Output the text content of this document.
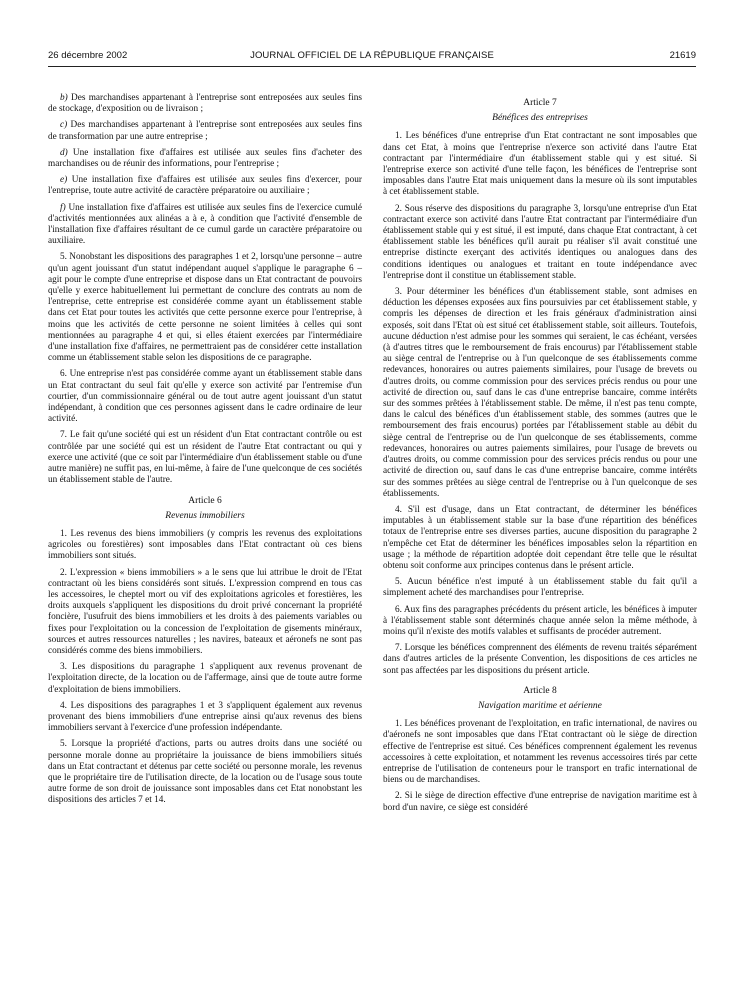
26 décembre 2002	JOURNAL OFFICIEL DE LA RÉPUBLIQUE FRANÇAISE	21619

b) Des marchandises appartenant à l'entreprise sont entreposées aux seules fins de stockage, d'exposition ou de livraison ;

c) Des marchandises appartenant à l'entreprise sont entreposées aux seules fins de transformation par une autre entreprise ;

d) Une installation fixe d'affaires est utilisée aux seules fins d'acheter des marchandises ou de réunir des informations, pour l'entreprise ;

e) Une installation fixe d'affaires est utilisée aux seules fins d'exercer, pour l'entreprise, toute autre activité de caractère préparatoire ou auxiliaire ;

f) Une installation fixe d'affaires est utilisée aux seules fins de l'exercice cumulé d'activités mentionnées aux alinéas a à e, à condition que l'activité d'ensemble de l'installation fixe d'affaires résultant de ce cumul garde un caractère préparatoire ou auxiliaire.

5. Nonobstant les dispositions des paragraphes 1 et 2, lorsqu'une personne – autre qu'un agent jouissant d'un statut indépendant auquel s'applique le paragraphe 6 – agit pour le compte d'une entreprise et dispose dans un Etat contractant de pouvoirs qu'elle y exerce habituellement lui permettant de conclure des contrats au nom de l'entreprise, cette entreprise est considérée comme ayant un établissement stable dans cet Etat pour toutes les activités que cette personne exerce pour l'entreprise, à moins que les activités de cette personne ne soient limitées à celles qui sont mentionnées au paragraphe 4 et qui, si elles étaient exercées par l'intermédiaire d'une installation fixe d'affaires, ne permettraient pas de considérer cette installation comme un établissement stable selon les dispositions de ce paragraphe.

6. Une entreprise n'est pas considérée comme ayant un établissement stable dans un Etat contractant du seul fait qu'elle y exerce son activité par l'entremise d'un courtier, d'un commissionnaire général ou de tout autre agent jouissant d'un statut indépendant, à condition que ces personnes agissent dans le cadre ordinaire de leur activité.

7. Le fait qu'une société qui est un résident d'un Etat contractant contrôle ou est contrôlée par une société qui est un résident de l'autre Etat contractant ou qui y exerce une activité (que ce soit par l'intermédiaire d'un établissement stable ou d'une autre manière) ne suffit pas, en lui-même, à faire de l'une quelconque de ces sociétés un établissement stable de l'autre.

Article 6
Revenus immobiliers

1. Les revenus des biens immobiliers (y compris les revenus des exploitations agricoles ou forestières) sont imposables dans l'Etat contractant où ces biens immobiliers sont situés.

2. L'expression « biens immobiliers » a le sens que lui attribue le droit de l'Etat contractant où les biens considérés sont situés. L'expression comprend en tous cas les accessoires, le cheptel mort ou vif des exploitations agricoles et forestières, les droits auxquels s'appliquent les dispositions du droit privé concernant la propriété foncière, l'usufruit des biens immobiliers et les droits à des paiements variables ou fixes pour l'exploitation ou la concession de l'exploitation de gisements minéraux, sources et autres ressources naturelles ; les navires, bateaux et aéronefs ne sont pas considérés comme des biens immobiliers.

3. Les dispositions du paragraphe 1 s'appliquent aux revenus provenant de l'exploitation directe, de la location ou de l'affermage, ainsi que de toute autre forme d'exploitation de biens immobiliers.

4. Les dispositions des paragraphes 1 et 3 s'appliquent également aux revenus provenant des biens immobiliers d'une entreprise ainsi qu'aux revenus des biens immobiliers servant à l'exercice d'une profession indépendante.

5. Lorsque la propriété d'actions, parts ou autres droits dans une société ou personne morale donne au propriétaire la jouissance de biens immobiliers situés dans un Etat contractant et détenus par cette société ou personne morale, les revenus que le propriétaire tire de l'utilisation directe, de la location ou de l'usage sous toute autre forme de son droit de jouissance sont imposables dans cet Etat nonobstant les dispositions des articles 7 et 14.

Article 7
Bénéfices des entreprises

1. Les bénéfices d'une entreprise d'un Etat contractant ne sont imposables que dans cet Etat, à moins que l'entreprise n'exerce son activité dans l'autre Etat contractant par l'intermédiaire d'un établissement stable qui y est situé. Si l'entreprise exerce son activité d'une telle façon, les bénéfices de l'entreprise sont imposables dans l'autre Etat mais uniquement dans la mesure où ils sont imputables à cet établissement stable.

2. Sous réserve des dispositions du paragraphe 3, lorsqu'une entreprise d'un Etat contractant exerce son activité dans l'autre Etat contractant par l'intermédiaire d'un établissement stable qui y est situé, il est imputé, dans chaque Etat contractant, à cet établissement stable les bénéfices qu'il aurait pu réaliser s'il avait constitué une entreprise distincte exerçant des activités identiques ou analogues dans des conditions identiques ou analogues et traitant en toute indépendance avec l'entreprise dont il constitue un établissement stable.

3. Pour déterminer les bénéfices d'un établissement stable, sont admises en déduction les dépenses exposées aux fins poursuivies par cet établissement stable, y compris les dépenses de direction et les frais généraux d'administration ainsi exposés, soit dans l'Etat où est situé cet établissement stable, soit ailleurs. Toutefois, aucune déduction n'est admise pour les sommes qui seraient, le cas échéant, versées (à d'autres titres que le remboursement de frais encourus) par l'établissement stable au siège central de l'entreprise ou à l'un quelconque de ses établissements comme redevances, honoraires ou autres paiements similaires, pour l'usage de brevets ou d'autres droits, ou comme commission pour des services précis rendus ou pour une activité de direction ou, sauf dans le cas d'une entreprise bancaire, comme intérêts sur des sommes prêtées à l'établissement stable. De même, il n'est pas tenu compte, dans le calcul des bénéfices d'un établissement stable, des sommes (autres que le remboursement des frais encourus) portées par l'établissement stable au débit du siège central de l'entreprise ou de l'un quelconque de ses établissements, comme redevances, honoraires ou autres paiements similaires, pour l'usage de brevets ou d'autres droits, ou comme commission pour des services précis rendus ou pour une activité de direction ou, sauf dans le cas d'une entreprise bancaire, comme intérêts sur des sommes prêtées au siège central de l'entreprise ou à l'un quelconque de ses établissements.

4. S'il est d'usage, dans un Etat contractant, de déterminer les bénéfices imputables à un établissement stable sur la base d'une répartition des bénéfices totaux de l'entreprise entre ses diverses parties, aucune disposition du paragraphe 2 n'empêche cet Etat de déterminer les bénéfices imposables selon la répartition en usage ; la méthode de répartition adoptée doit cependant être telle que le résultat obtenu soit conforme aux principes contenus dans le présent article.

5. Aucun bénéfice n'est imputé à un établissement stable du fait qu'il a simplement acheté des marchandises pour l'entreprise.

6. Aux fins des paragraphes précédents du présent article, les bénéfices à imputer à l'établissement stable sont déterminés chaque année selon la même méthode, à moins qu'il n'existe des motifs valables et suffisants de procéder autrement.

7. Lorsque les bénéfices comprennent des éléments de revenu traités séparément dans d'autres articles de la présente Convention, les dispositions de ces articles ne sont pas affectées par les dispositions du présent article.

Article 8
Navigation maritime et aérienne

1. Les bénéfices provenant de l'exploitation, en trafic international, de navires ou d'aéronefs ne sont imposables que dans l'Etat contractant où le siège de direction effective de l'entreprise est situé. Ces bénéfices comprennent également les revenus accessoires à cette exploitation, et notamment les revenus accessoires tirés par cette entreprise de l'utilisation de conteneurs pour le transport en trafic international de biens ou de marchandises.

2. Si le siège de direction effective d'une entreprise de navigation maritime est à bord d'un navire, ce siège est considéré
